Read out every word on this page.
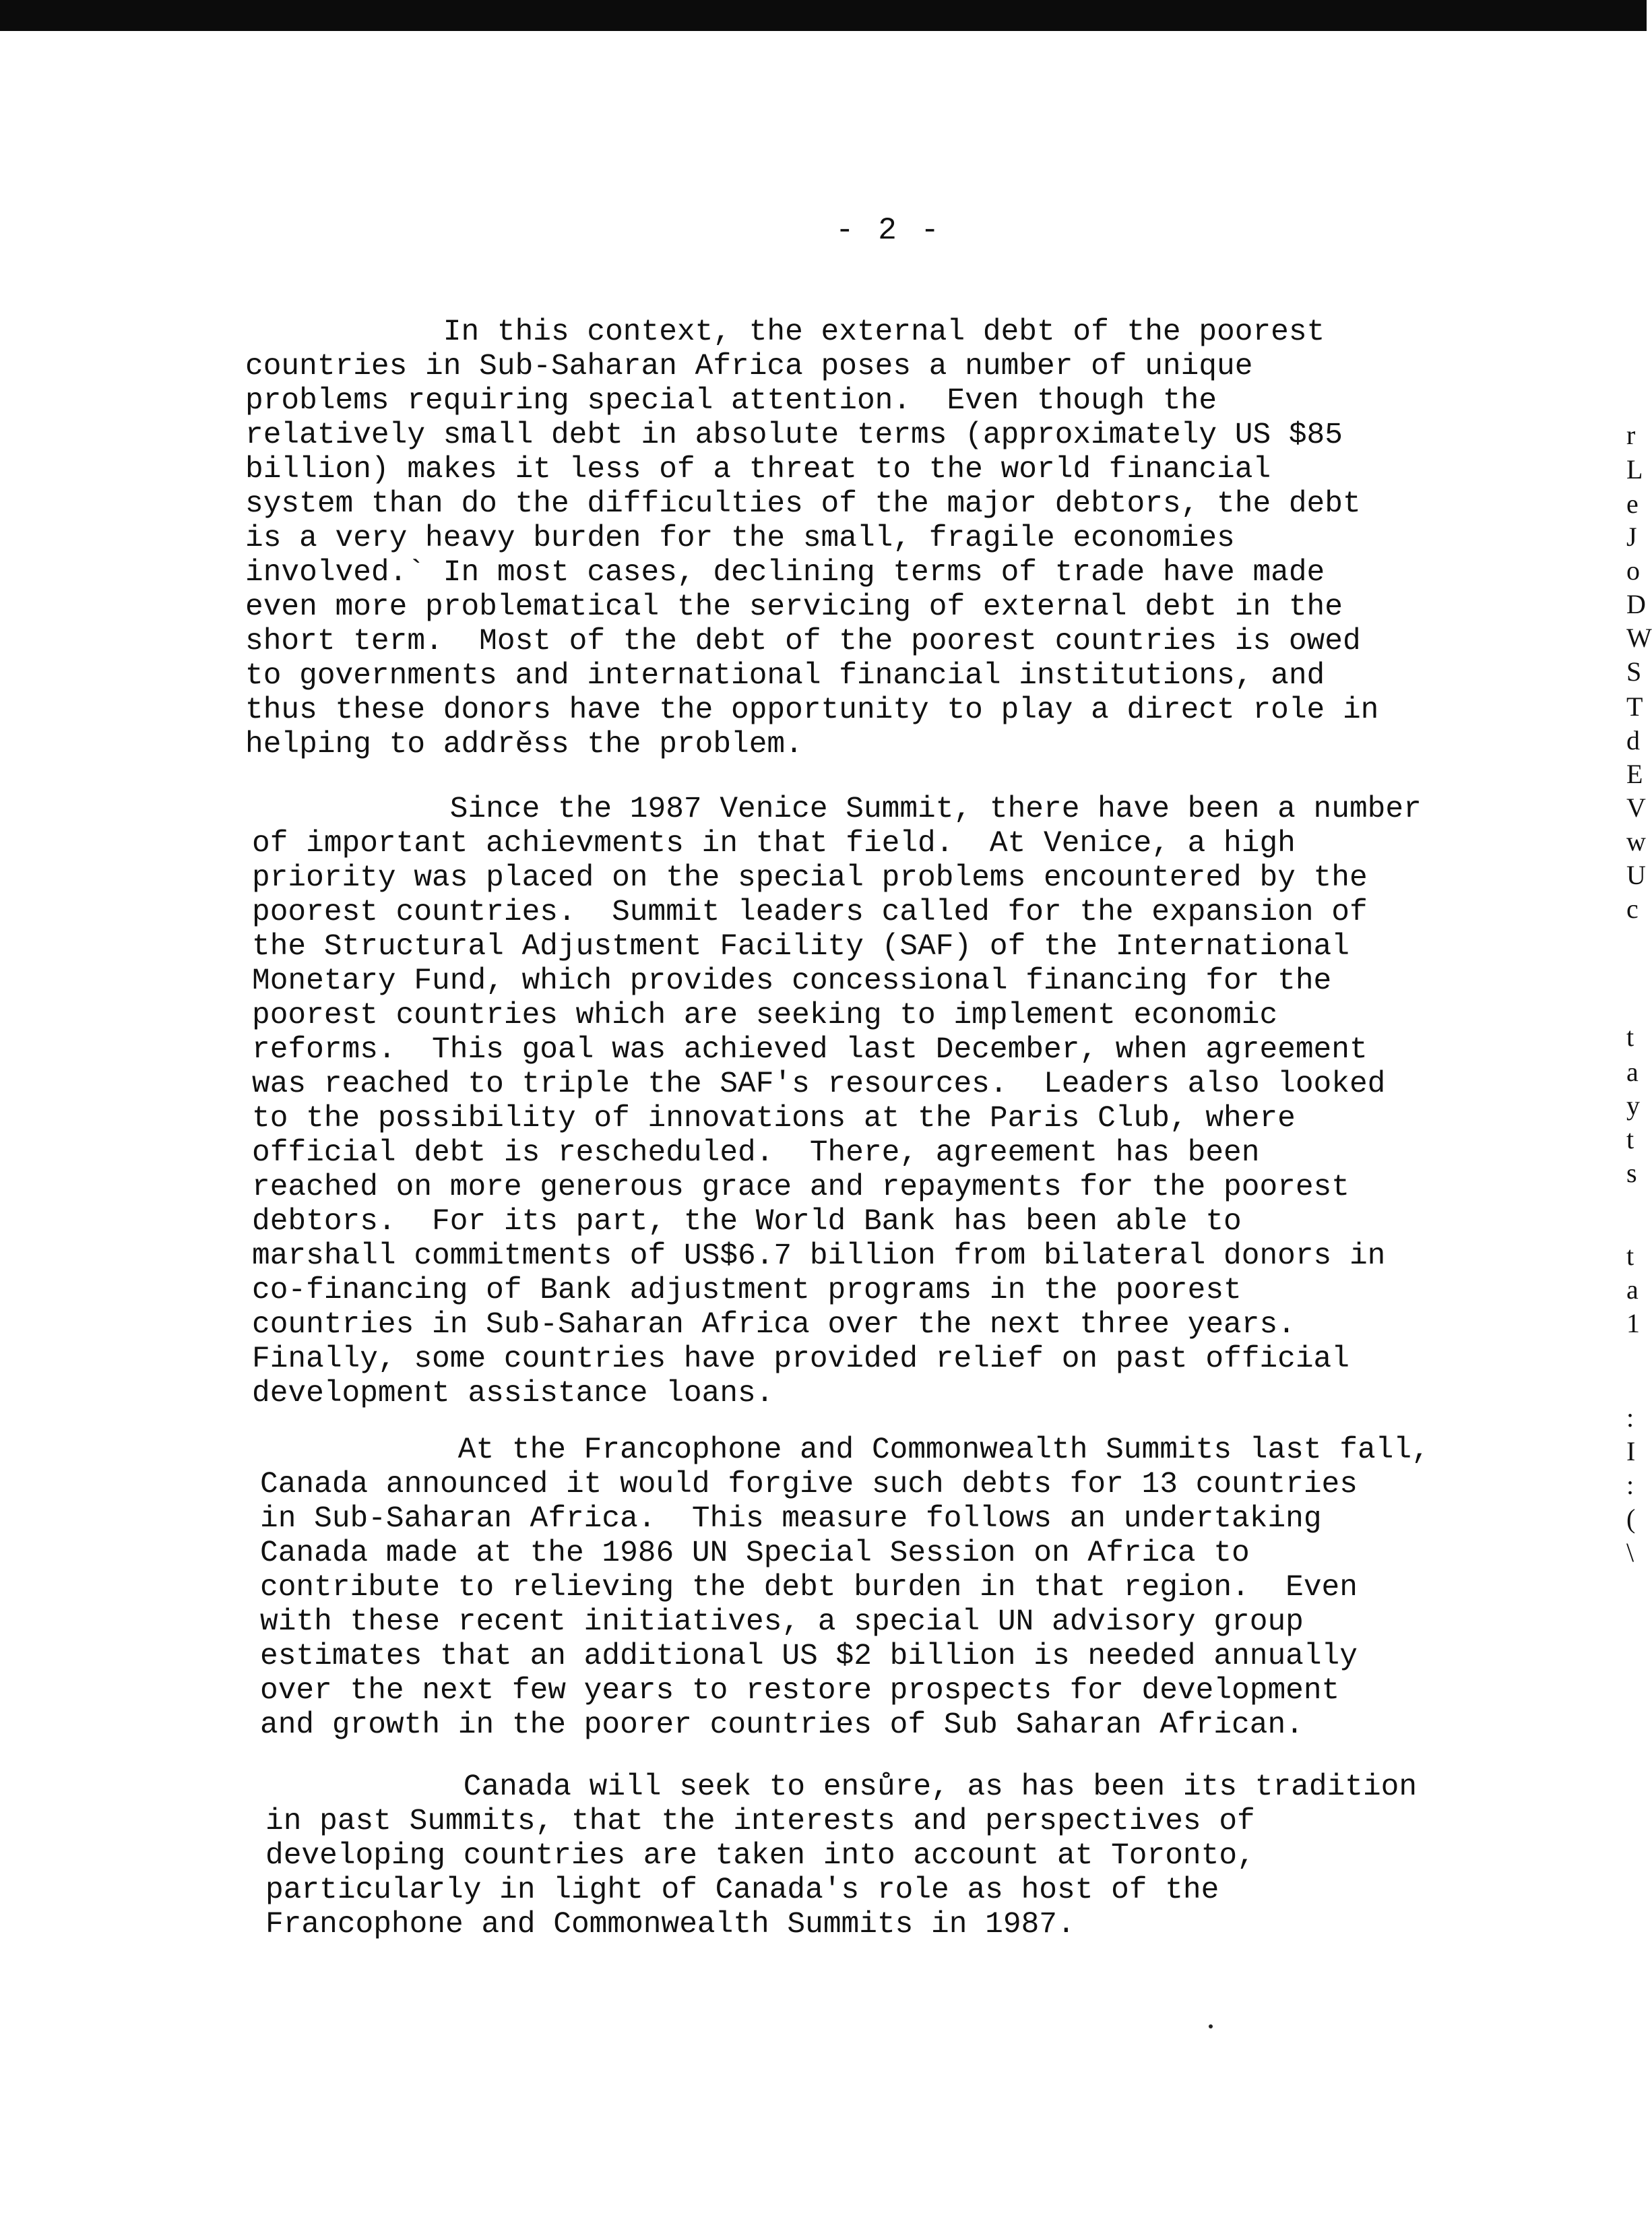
- 2 -
In this context, the external debt of the poorest
countries in Sub-Saharan Africa poses a number of unique
problems requiring special attention.  Even though the
relatively small debt in absolute terms (approximately US $85
billion) makes it less of a threat to the world financial
system than do the difficulties of the major debtors, the debt
is a very heavy burden for the small, fragile economies
involved.` In most cases, declining terms of trade have made
even more problematical the servicing of external debt in the
short term.  Most of the debt of the poorest countries is owed
to governments and international financial institutions, and
thus these donors have the opportunity to play a direct role in
helping to addrěss the problem.
Since the 1987 Venice Summit, there have been a number
of important achievments in that field.  At Venice, a high
priority was placed on the special problems encountered by the
poorest countries.  Summit leaders called for the expansion of
the Structural Adjustment Facility (SAF) of the International
Monetary Fund, which provides concessional financing for the
poorest countries which are seeking to implement economic
reforms.  This goal was achieved last December, when agreement
was reached to triple the SAF's resources.  Leaders also looked
to the possibility of innovations at the Paris Club, where
official debt is rescheduled.  There, agreement has been
reached on more generous grace and repayments for the poorest
debtors.  For its part, the World Bank has been able to
marshall commitments of US$6.7 billion from bilateral donors in
co-financing of Bank adjustment programs in the poorest
countries in Sub-Saharan Africa over the next three years.
Finally, some countries have provided relief on past official
development assistance loans.
At the Francophone and Commonwealth Summits last fall,
Canada announced it would forgive such debts for 13 countries
in Sub-Saharan Africa.  This measure follows an undertaking
Canada made at the 1986 UN Special Session on Africa to
contribute to relieving the debt burden in that region.  Even
with these recent initiatives, a special UN advisory group
estimates that an additional US $2 billion is needed annually
over the next few years to restore prospects for development
and growth in the poorer countries of Sub Saharan African.
Canada will seek to ensůre, as has been its tradition
in past Summits, that the interests and perspectives of
developing countries are taken into account at Toronto,
particularly in light of Canada's role as host of the
Francophone and Commonwealth Summits in 1987.
r
L
e
J
o
D
W
S
T
d
E
V
w
U
c
t
a
y
t
s
t
a
1
:
I
:
(
\
